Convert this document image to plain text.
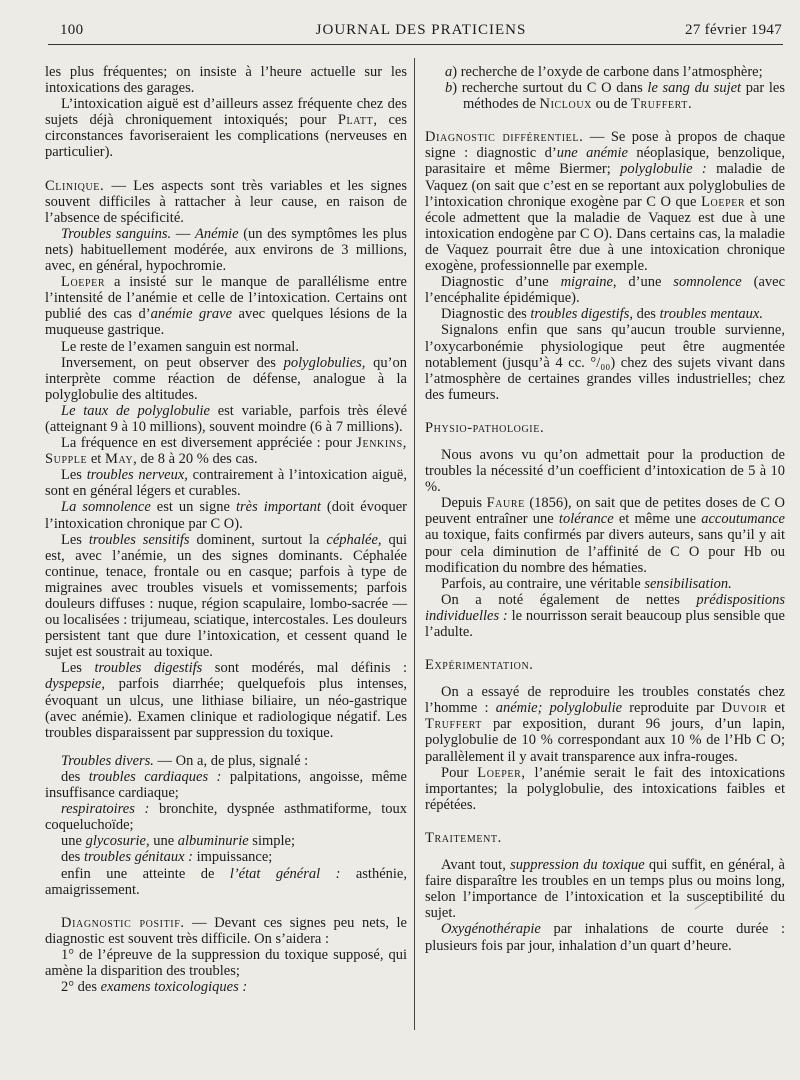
100	JOURNAL DES PRATICIENS	27 février 1947

les plus fréquentes; on insiste à l’heure actuelle sur les intoxications des garages.

L’intoxication aiguë est d’ailleurs assez fréquente chez des sujets déjà chroniquement intoxiqués; pour Platt, ces circonstances favoriseraient les complications (nerveuses en particulier).

Clinique. — Les aspects sont très variables et les signes souvent difficiles à rattacher à leur cause, en raison de l’absence de spécificité.

Troubles sanguins. — Anémie (un des symptômes les plus nets) habituellement modérée, aux environs de 3 millions, avec, en général, hypochromie.

Loeper a insisté sur le manque de parallélisme entre l’intensité de l’anémie et celle de l’intoxication. Certains ont publié des cas d’anémie grave avec quelques lésions de la muqueuse gastrique.

Le reste de l’examen sanguin est normal.

Inversement, on peut observer des polyglobulies, qu’on interprète comme réaction de défense, analogue à la polyglobulie des altitudes.

Le taux de polyglobulie est variable, parfois très élevé (atteignant 9 à 10 millions), souvent moindre (6 à 7 millions).

La fréquence en est diversement appréciée : pour Jenkins, Supple et May, de 8 à 20 % des cas.

Les troubles nerveux, contrairement à l’intoxication aiguë, sont en général légers et curables.

La somnolence est un signe très important (doit évoquer l’intoxication chronique par C O).

Les troubles sensitifs dominent, surtout la céphalée, qui est, avec l’anémie, un des signes dominants. Céphalée continue, tenace, frontale ou en casque; parfois à type de migraines avec troubles visuels et vomissements; parfois douleurs diffuses : nuque, région scapulaire, lombo-sacrée — ou localisées : trijumeau, sciatique, intercostales. Les douleurs persistent tant que dure l’intoxication, et cessent quand le sujet est soustrait au toxique.

Les troubles digestifs sont modérés, mal définis : dyspepsie, parfois diarrhée; quelquefois plus intenses, évoquant un ulcus, une lithiase biliaire, un néo-gastrique (avec anémie). Examen clinique et radiologique négatif. Les troubles disparaissent par suppression du toxique.

Troubles divers. — On a, de plus, signalé :

des troubles cardiaques : palpitations, angoisse, même insuffisance cardiaque;

respiratoires : bronchite, dyspnée asthmatiforme, toux coqueluchoïde;

une glycosurie, une albuminurie simple;

des troubles génitaux : impuissance;

enfin une atteinte de l’état général : asthénie, amaigrissement.

Diagnostic positif. — Devant ces signes peu nets, le diagnostic est souvent très difficile. On s’aidera :

1° de l’épreuve de la suppression du toxique supposé, qui amène la disparition des troubles;

2° des examens toxicologiques :

a) recherche de l’oxyde de carbone dans l’atmosphère;

b) recherche surtout du C O dans le sang du sujet par les méthodes de Nicloux ou de Truffert.

Diagnostic différentiel. — Se pose à propos de chaque signe : diagnostic d’une anémie néoplasique, benzolique, parasitaire et même Biermer; polyglobulie : maladie de Vaquez (on sait que c’est en se reportant aux polyglobulies de l’intoxication chronique exogène par C O que Loeper et son école admettent que la maladie de Vaquez est due à une intoxication endogène par C O). Dans certains cas, la maladie de Vaquez pourrait être due à une intoxication chronique exogène, professionnelle par exemple.

Diagnostic d’une migraine, d’une somnolence (avec l’encéphalite épidémique).

Diagnostic des troubles digestifs, des troubles mentaux.

Signalons enfin que sans qu’aucun trouble survienne, l’oxycarbonémie physiologique peut être augmentée notablement (jusqu’à 4 cc. °/₀₀) chez des sujets vivant dans l’atmosphère de certaines grandes villes industrielles; chez des fumeurs.

Physio-pathologie.

Nous avons vu qu’on admettait pour la production de troubles la nécessité d’un coefficient d’intoxication de 5 à 10 %.

Depuis Faure (1856), on sait que de petites doses de C O peuvent entraîner une tolérance et même une accoutumance au toxique, faits confirmés par divers auteurs, sans qu’il y ait pour cela diminution de l’affinité de C O pour Hb ou modification du nombre des hématies.

Parfois, au contraire, une véritable sensibilisation.

On a noté également de nettes prédispositions individuelles : le nourrisson serait beaucoup plus sensible que l’adulte.

Expérimentation.

On a essayé de reproduire les troubles constatés chez l’homme : anémie; polyglobulie reproduite par Duvoir et Truffert par exposition, durant 96 jours, d’un lapin, polyglobulie de 10 % correspondant aux 10 % de l’Hb C O; parallèlement il y avait transparence aux infra-rouges.

Pour Loeper, l’anémie serait le fait des intoxications importantes; la polyglobulie, des intoxications faibles et répétées.

Traitement.

Avant tout, suppression du toxique qui suffit, en général, à faire disparaître les troubles en un temps plus ou moins long, selon l’importance de l’intoxication et la susceptibilité du sujet.

Oxygénothérapie par inhalations de courte durée : plusieurs fois par jour, inhalation d’un quart d’heure.
